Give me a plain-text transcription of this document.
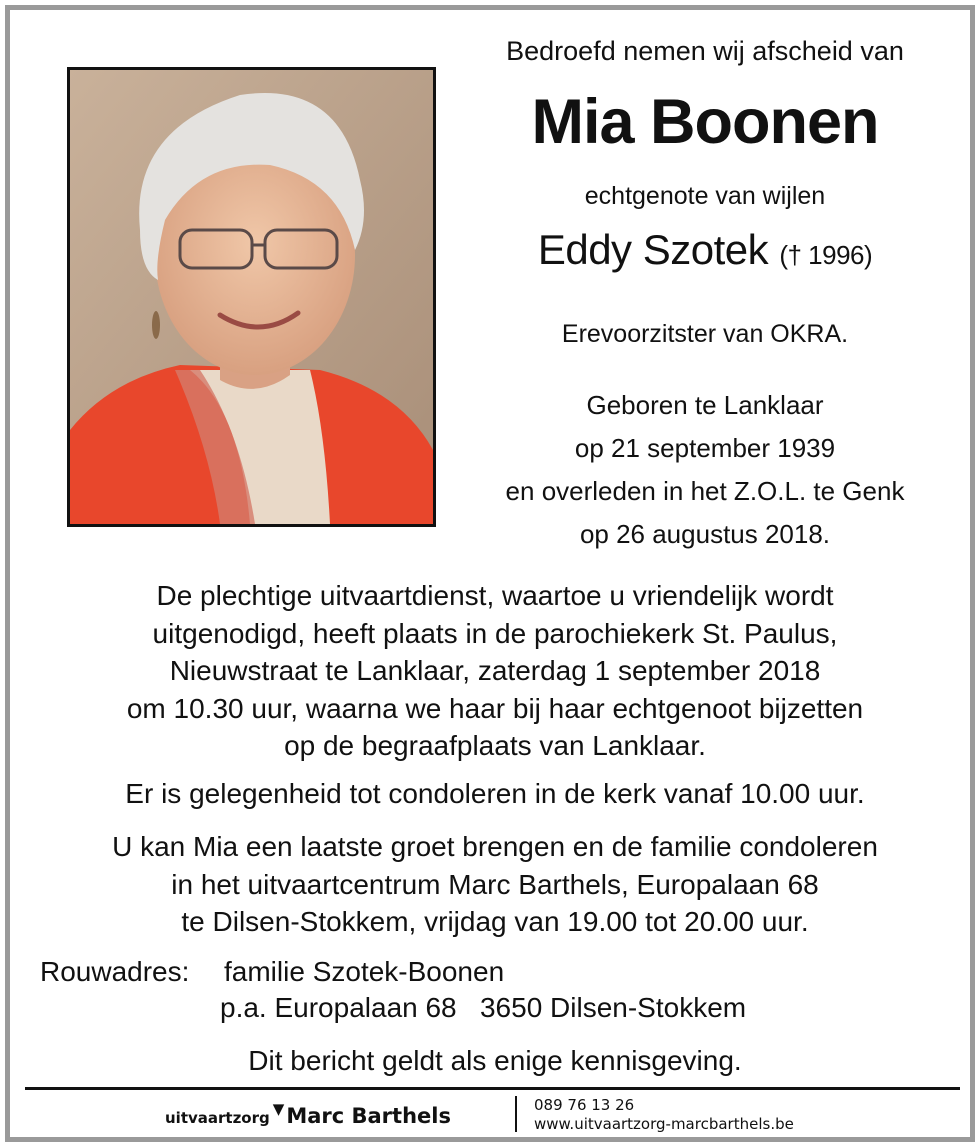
Bedroefd nemen wij afscheid van
Mia Boonen
echtgenote van wijlen
Eddy Szotek († 1996)
Erevoorzitster van OKRA.
Geboren te Lanklaar
op 21 september 1939
en overleden in het Z.O.L. te Genk
op 26 augustus 2018.
De plechtige uitvaartdienst, waartoe u vriendelijk wordt
uitgenodigd, heeft plaats in de parochiekerk St. Paulus,
Nieuwstraat te Lanklaar, zaterdag 1 september 2018
om 10.30 uur, waarna we haar bij haar echtgenoot bijzetten
op de begraafplaats van Lanklaar.
Er is gelegenheid tot condoleren in de kerk vanaf 10.00 uur.
U kan Mia een laatste groet brengen en de familie condoleren
in het uitvaartcentrum Marc Barthels, Europalaan 68
te Dilsen-Stokkem, vrijdag van 19.00 tot 20.00 uur.
Rouwadres: familie Szotek-Boonen
p.a. Europalaan 68   3650 Dilsen-Stokkem
Dit bericht geldt als enige kennisgeving.
uitvaartzorg ▼Marc Barthels	089 76 13 26
www.uitvaartzorg-marcbarthels.be
